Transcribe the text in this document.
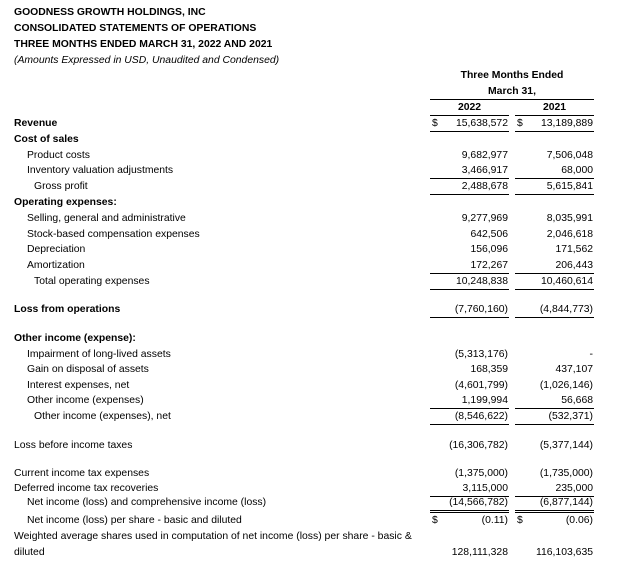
GOODNESS GROWTH HOLDINGS, INC
CONSOLIDATED STATEMENTS OF OPERATIONS
THREE MONTHS ENDED MARCH 31, 2022 AND 2021
(Amounts Expressed in USD, Unaudited and Condensed)
Three Months Ended
March 31,
2022	2021
Revenue	$ 15,638,572 $ 13,189,889
Cost of sales
Product costs	9,682,977	7,506,048
Inventory valuation adjustments	3,466,917	68,000
Gross profit	2,488,678	5,615,841
Operating expenses:
Selling, general and administrative	9,277,969	8,035,991
Stock-based compensation expenses	642,506	2,046,618
Depreciation	156,096	171,562
Amortization	172,267	206,443
Total operating expenses	10,248,838	10,460,614
Loss from operations	(7,760,160)	(4,844,773)
Other income (expense):
Impairment of long-lived assets	(5,313,176)	-
Gain on disposal of assets	168,359	437,107
Interest expenses, net	(4,601,799)	(1,026,146)
Other income (expenses)	1,199,994	56,668
Other income (expenses), net	(8,546,622)	(532,371)
Loss before income taxes	(16,306,782)	(5,377,144)
Current income tax expenses	(1,375,000)	(1,735,000)
Deferred income tax recoveries	3,115,000	235,000
Net income (loss) and comprehensive income (loss)	(14,566,782)	(6,877,144)
Net income (loss) per share - basic and diluted	$	(0.11) $	(0.06)
Weighted average shares used in computation of net income (loss) per share - basic &
diluted	128,111,328	116,103,635
